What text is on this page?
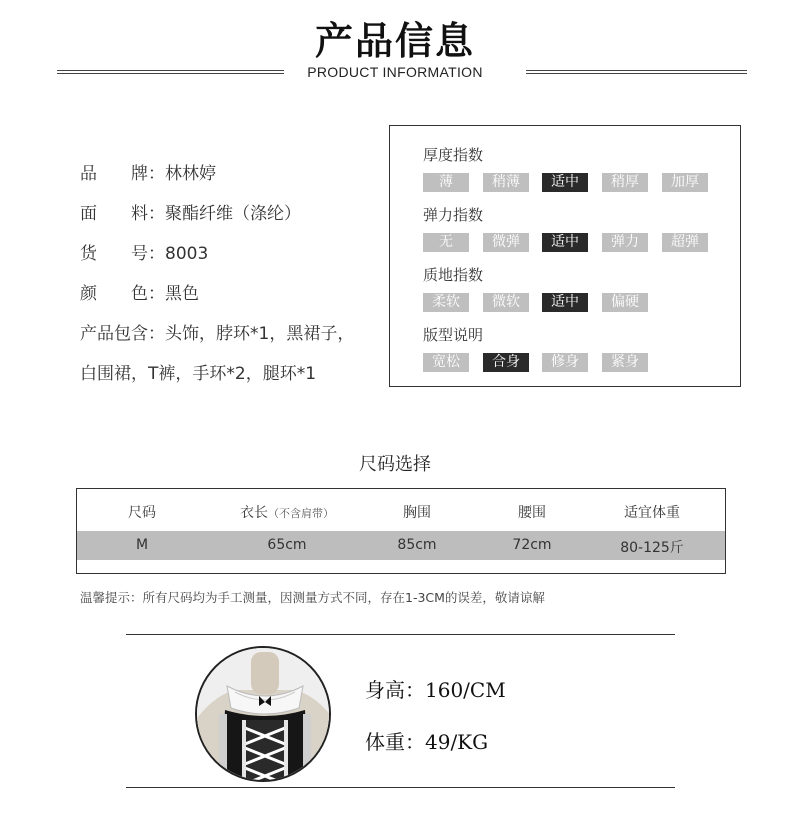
产品信息
PRODUCT INFORMATION
品牌：林林婷
面料：聚酯纤维（涤纶）
货号：8003
颜色：黑色
产品包含：头饰，脖环*1，黑裙子，
白围裙，T裤，手环*2，腿环*1
厚度指数
薄	稍薄	适中	稍厚	加厚
弹力指数
无	微弹	适中	弹力	超弹
质地指数
柔软	微软	适中	偏硬
版型说明
宽松	合身	修身	紧身
尺码选择
尺码	衣长（不含肩带）	胸围	腰围	适宜体重
M	65cm	85cm	72cm	80-125斤
温馨提示：所有尺码均为手工测量，因测量方式不同，存在1-3CM的误差，敬请谅解
身高：160/CM
体重：49/KG
